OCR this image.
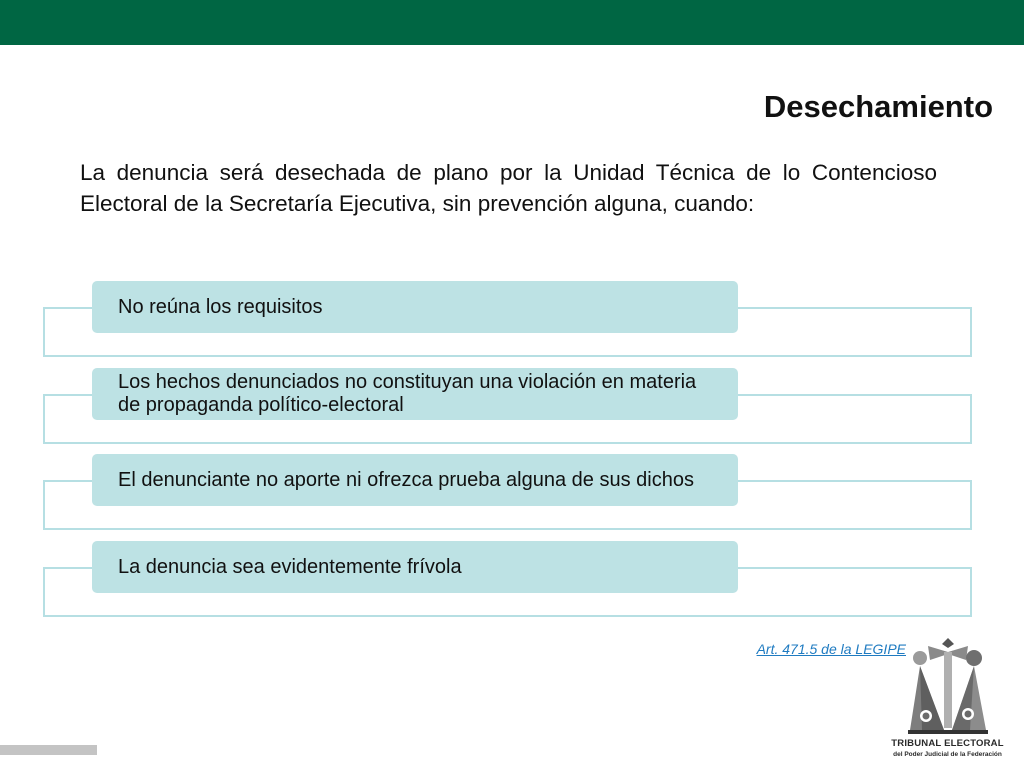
Desechamiento

La denuncia será desechada de plano por la Unidad Técnica de lo Contencioso Electoral de la Secretaría Ejecutiva, sin prevención alguna, cuando:

No reúna los requisitos
Los hechos denunciados no constituyan una violación en materia de propaganda político-electoral
El denunciante no aporte ni ofrezca prueba alguna de sus dichos
La denuncia sea evidentemente frívola
Art. 471.5 de la LEGIPE
TRIBUNAL ELECTORAL
del Poder Judicial de la Federación
